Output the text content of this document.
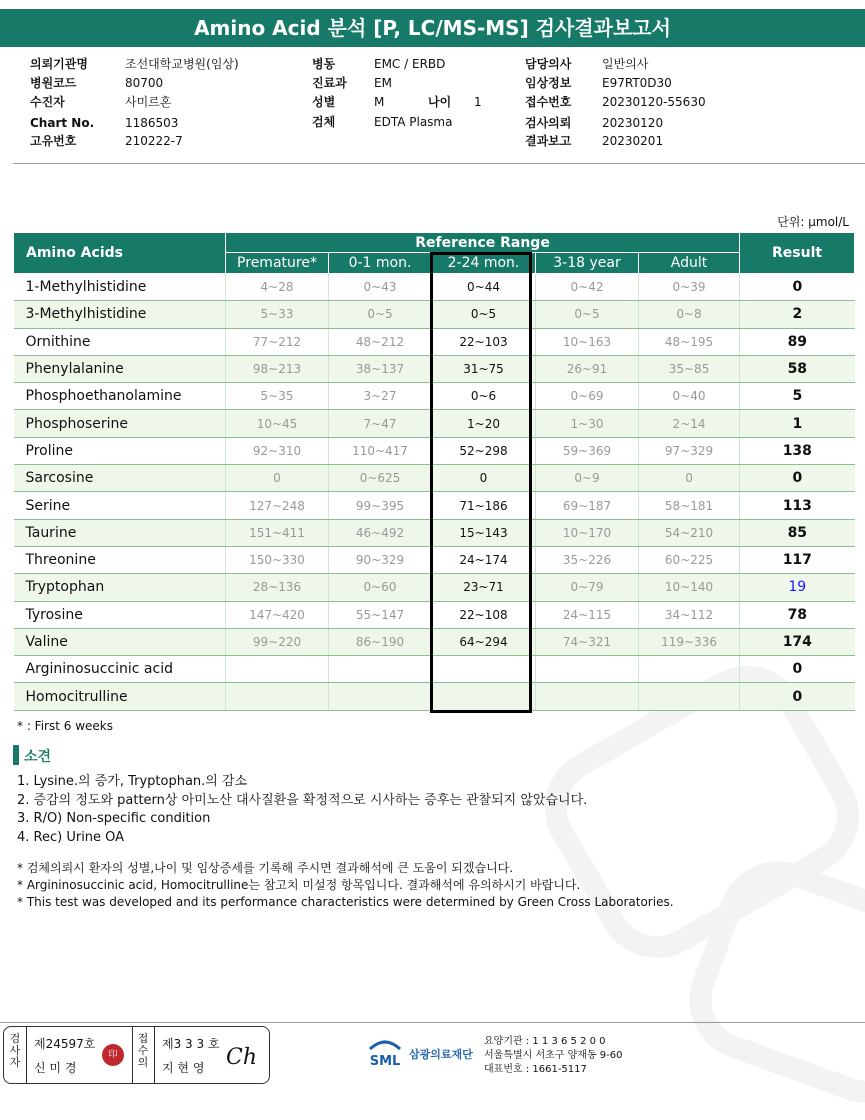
Amino Acid 분석 [P, LC/MS-MS] 검사결과보고서
의뢰기관명	조선대학교병원(임상)
병원코드	80700
수진자	사미르혼
Chart No.	1186503
고유번호	210222-7
병동	EMC / ERBD
진료과 EM
성별	M
검체	EDTA Plasma
나이 1
담당의사	일반의사
임상정보	E97RT0D30
접수번호	20230120-55630
검사의뢰	20230120
결과보고	20230201
단위: μmol/L
Amino Acids	Reference Range					Result
	Premature*	0-1 mon.	2-24 mon.	3-18 year	Adult	
1-Methylhistidine	4~28	0~43	0~44	0~42	0~39	0
3-Methylhistidine	5~33	0~5	0~5	0~5	0~8	2
Ornithine	77~212	48~212	22~103	10~163	48~195	89
Phenylalanine	98~213	38~137	31~75	26~91	35~85	58
Phosphoethanolamine	5~35	3~27	0~6	0~69	0~40	5
Phosphoserine	10~45	7~47	1~20	1~30	2~14	1
Proline	92~310	110~417	52~298	59~369	97~329	138
Sarcosine	0	0~625	0	0~9	0	0
Serine	127~248	99~395	71~186	69~187	58~181	113
Taurine	151~411	46~492	15~143	10~170	54~210	85
Threonine	150~330	90~329	24~174	35~226	60~225	117
Tryptophan	28~136	0~60	23~71	0~79	10~140	19
Tyrosine	147~420	55~147	22~108	24~115	34~112	78
Valine	99~220	86~190	64~294	74~321	119~336	174
Argininosuccinic acid						0
Homocitrulline						0
* : First 6 weeks
소견
1. Lysine.의 증가, Tryptophan.의 감소
2. 증감의 정도와 pattern상 아미노산 대사질환을 확정적으로 시사하는 증후는 관찰되지 않았습니다.
3. R/O) Non-specific condition
4. Rec) Urine OA
* 검체의뢰시 환자의 성별,나이 및 임상증세를 기록해 주시면 결과해석에 큰 도움이 되겠습니다.
* Argininosuccinic acid, Homocitrulline는 참고치 미설정 항목입니다. 결과해석에 유의하시기 바랍니다.
* This test was developed and its performance characteristics were determined by Green Cross Laboratories.
검사자
제24597호
신 미 경
印
접수의
제3 3 3 호
지 현 영 Ch	SML 삼광의료재단
요양기관 : 1 1 3 6 5 2 0 0
서울특별시 서초구 양재동 9-60
대표번호 : 1661-5117
